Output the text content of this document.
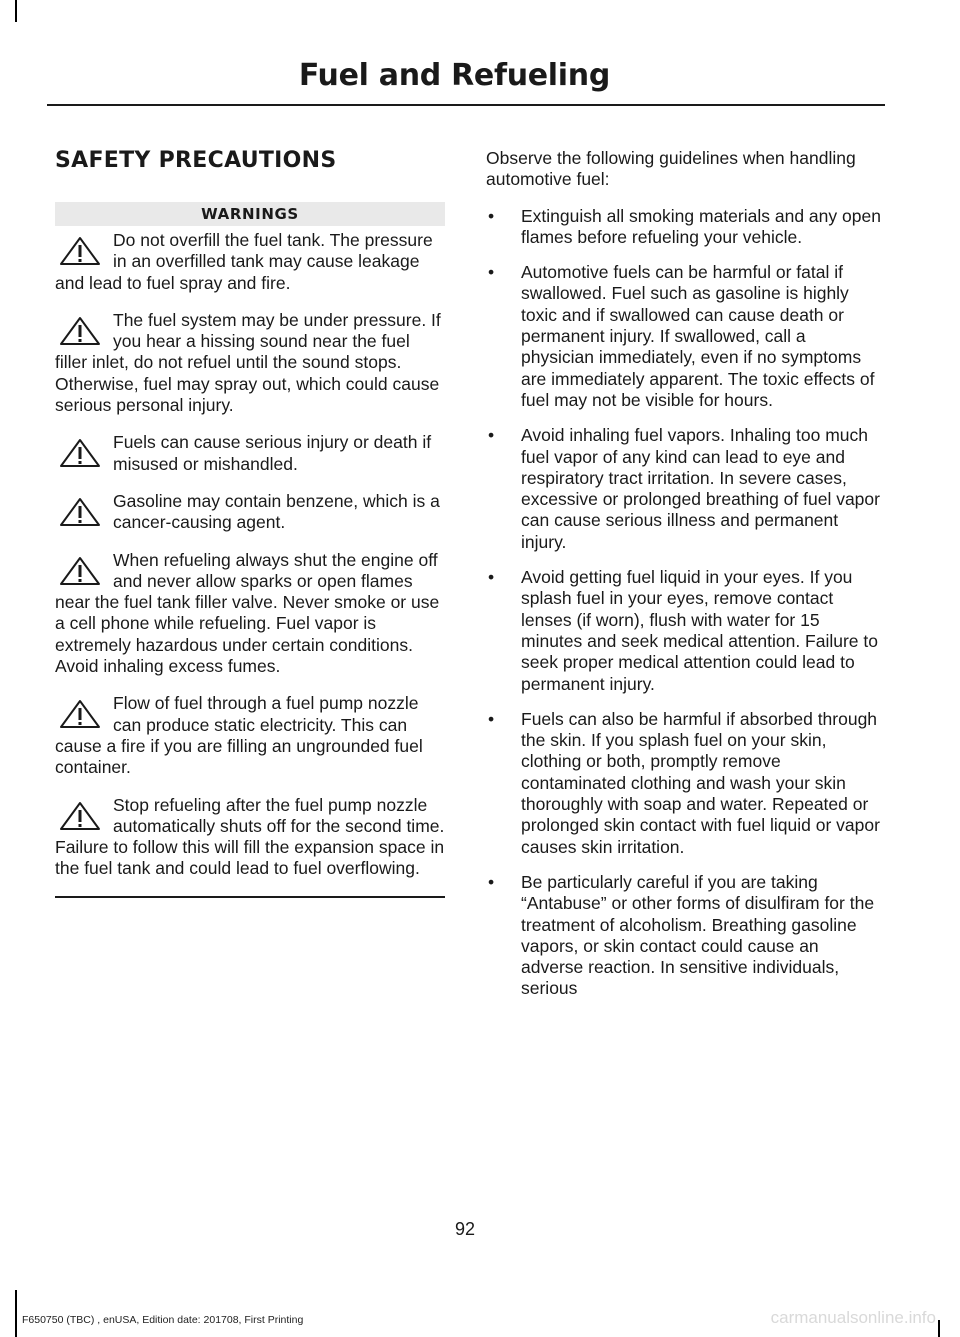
Fuel and Refueling
SAFETY PRECAUTIONS
WARNINGS
Do not overfill the fuel tank. The pressure in an overfilled tank may cause leakage and lead to fuel spray and fire.
The fuel system may be under pressure. If you hear a hissing sound near the fuel filler inlet, do not refuel until the sound stops. Otherwise, fuel may spray out, which could cause serious personal injury.
Fuels can cause serious injury or death if misused or mishandled.
Gasoline may contain benzene, which is a cancer-causing agent.
When refueling always shut the engine off and never allow sparks or open flames near the fuel tank filler valve. Never smoke or use a cell phone while refueling. Fuel vapor is extremely hazardous under certain conditions. Avoid inhaling excess fumes.
Flow of fuel through a fuel pump nozzle can produce static electricity. This can cause a fire if you are filling an ungrounded fuel container.
Stop refueling after the fuel pump nozzle automatically shuts off for the second time. Failure to follow this will fill the expansion space in the fuel tank and could lead to fuel overflowing.
Observe the following guidelines when handling automotive fuel:
• Extinguish all smoking materials and any open flames before refueling your vehicle.
• Automotive fuels can be harmful or fatal if swallowed. Fuel such as gasoline is highly toxic and if swallowed can cause death or permanent injury. If swallowed, call a physician immediately, even if no symptoms are immediately apparent. The toxic effects of fuel may not be visible for hours.
• Avoid inhaling fuel vapors. Inhaling too much fuel vapor of any kind can lead to eye and respiratory tract irritation. In severe cases, excessive or prolonged breathing of fuel vapor can cause serious illness and permanent injury.
• Avoid getting fuel liquid in your eyes. If you splash fuel in your eyes, remove contact lenses (if worn), flush with water for 15 minutes and seek medical attention. Failure to seek proper medical attention could lead to permanent injury.
• Fuels can also be harmful if absorbed through the skin. If you splash fuel on your skin, clothing or both, promptly remove contaminated clothing and wash your skin thoroughly with soap and water. Repeated or prolonged skin contact with fuel liquid or vapor causes skin irritation.
• Be particularly careful if you are taking “Antabuse” or other forms of disulfiram for the treatment of alcoholism. Breathing gasoline vapors, or skin contact could cause an adverse reaction. In sensitive individuals, serious
92
F650750 (TBC) , enUSA, Edition date: 201708, First Printing	carmanualsonline.info
